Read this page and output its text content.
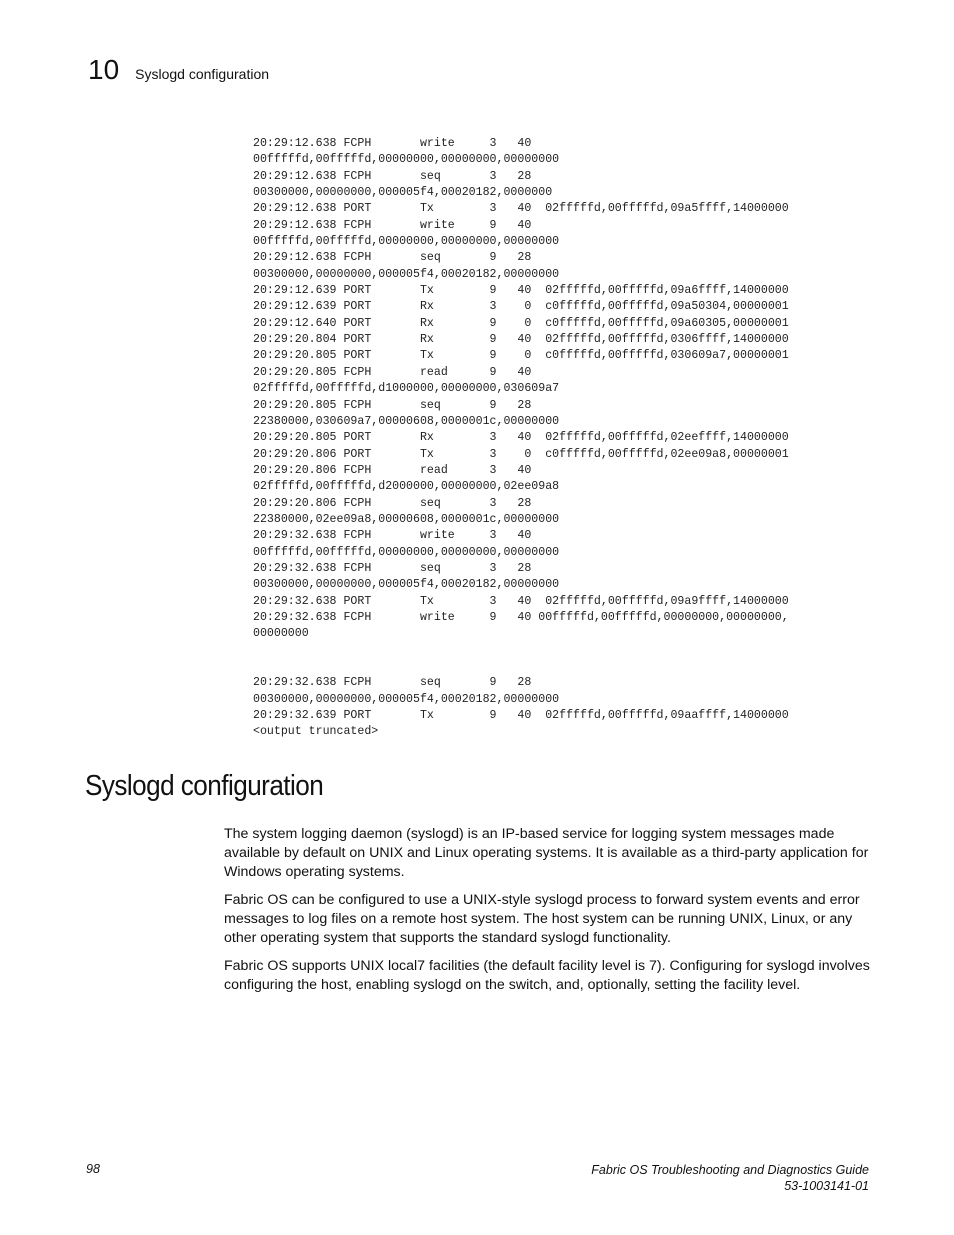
10 Syslogd configuration
20:29:12.638 FCPH       write     3   40
00fffffd,00fffffd,00000000,00000000,00000000
20:29:12.638 FCPH       seq       3   28
00300000,00000000,000005f4,00020182,0000000
20:29:12.638 PORT       Tx        3   40  02fffffd,00fffffd,09a5ffff,14000000
20:29:12.638 FCPH       write     9   40
00fffffd,00fffffd,00000000,00000000,00000000
20:29:12.638 FCPH       seq       9   28
00300000,00000000,000005f4,00020182,00000000
20:29:12.639 PORT       Tx        9   40  02fffffd,00fffffd,09a6ffff,14000000
20:29:12.639 PORT       Rx        3    0  c0fffffd,00fffffd,09a50304,00000001
20:29:12.640 PORT       Rx        9    0  c0fffffd,00fffffd,09a60305,00000001
20:29:20.804 PORT       Rx        9   40  02fffffd,00fffffd,0306ffff,14000000
20:29:20.805 PORT       Tx        9    0  c0fffffd,00fffffd,030609a7,00000001
20:29:20.805 FCPH       read      9   40
02fffffd,00fffffd,d1000000,00000000,030609a7
20:29:20.805 FCPH       seq       9   28
22380000,030609a7,00000608,0000001c,00000000
20:29:20.805 PORT       Rx        3   40  02fffffd,00fffffd,02eeffff,14000000
20:29:20.806 PORT       Tx        3    0  c0fffffd,00fffffd,02ee09a8,00000001
20:29:20.806 FCPH       read      3   40
02fffffd,00fffffd,d2000000,00000000,02ee09a8
20:29:20.806 FCPH       seq       3   28
22380000,02ee09a8,00000608,0000001c,00000000
20:29:32.638 FCPH       write     3   40
00fffffd,00fffffd,00000000,00000000,00000000
20:29:32.638 FCPH       seq       3   28
00300000,00000000,000005f4,00020182,00000000
20:29:32.638 PORT       Tx        3   40  02fffffd,00fffffd,09a9ffff,14000000
20:29:32.638 FCPH       write     9   40 00fffffd,00fffffd,00000000,00000000,
00000000
20:29:32.638 FCPH       seq       9   28
00300000,00000000,000005f4,00020182,00000000
20:29:32.639 PORT       Tx        9   40  02fffffd,00fffffd,09aaffff,14000000
<output truncated>
Syslogd configuration

The system logging daemon (syslogd) is an IP-based service for logging system messages made available by default on UNIX and Linux operating systems. It is available as a third-party application for Windows operating systems.

Fabric OS can be configured to use a UNIX-style syslogd process to forward system events and error messages to log files on a remote host system. The host system can be running UNIX, Linux, or any other operating system that supports the standard syslogd functionality.

Fabric OS supports UNIX local7 facilities (the default facility level is 7). Configuring for syslogd involves configuring the host, enabling syslogd on the switch, and, optionally, setting the facility level.

98	Fabric OS Troubleshooting and Diagnostics Guide
53-1003141-01
